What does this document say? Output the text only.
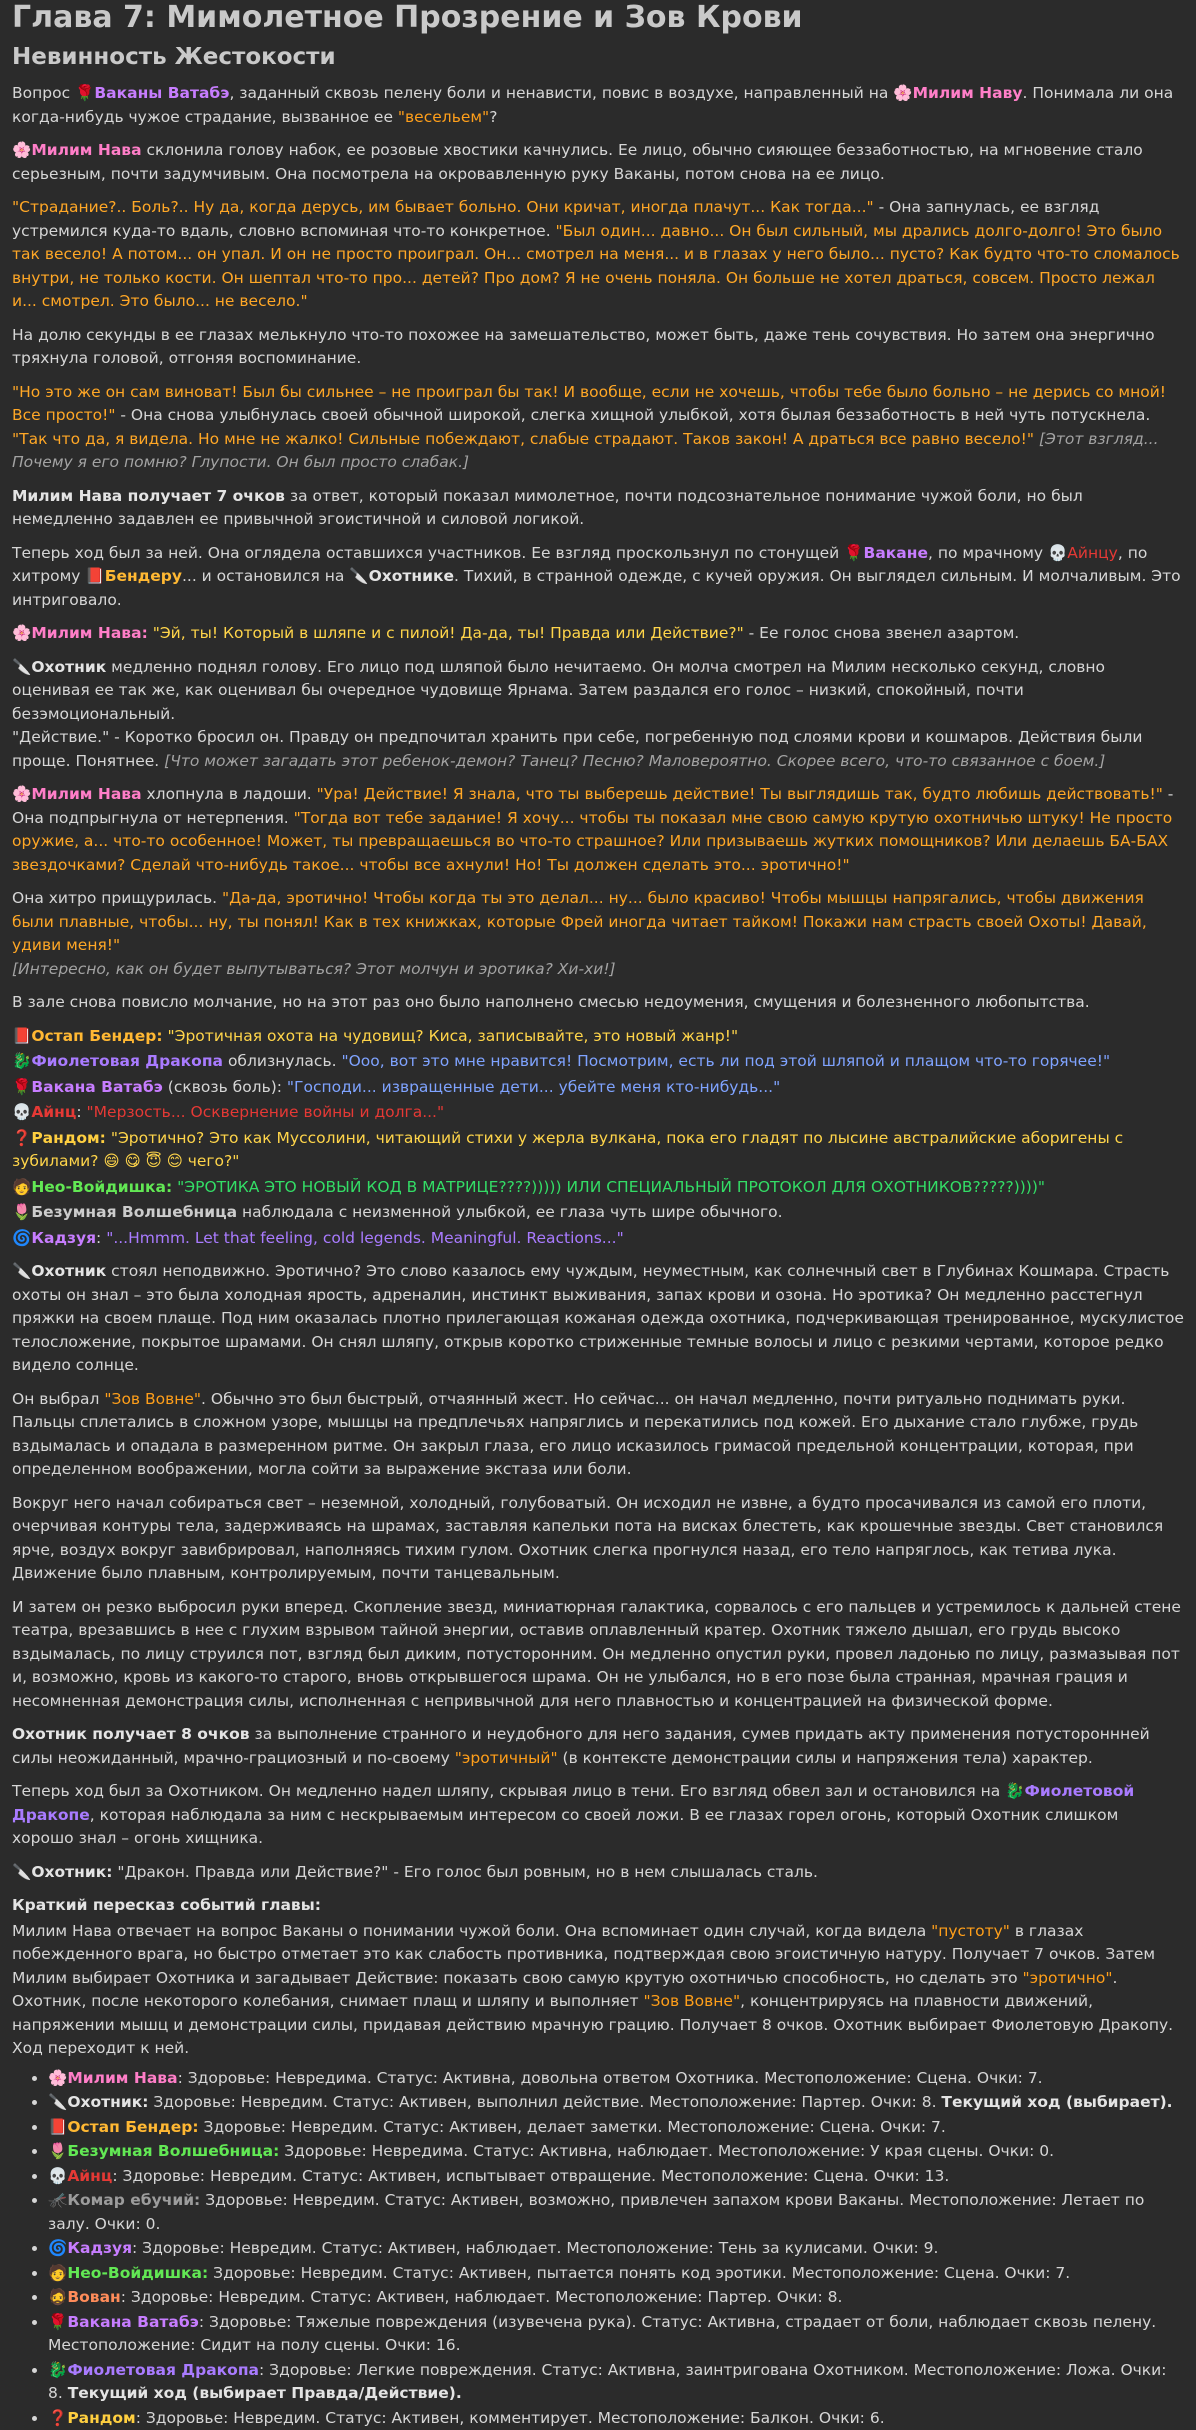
Глава 7: Мимолетное Прозрение и Зов Крови
Невинность Жестокости

Вопрос 🌹Ваканы Ватабэ, заданный сквозь пелену боли и ненависти, повис в воздухе, направленный на 🌸Милим Наву. Понимала ли она когда-нибудь чужое страдание, вызванное ее "весельем"?

🌸Милим Нава склонила голову набок, ее розовые хвостики качнулись. Ее лицо, обычно сияющее беззаботностью, на мгновение стало серьезным, почти задумчивым. Она посмотрела на окровавленную руку Ваканы, потом снова на ее лицо.

"Страдание?.. Боль?.. Ну да, когда дерусь, им бывает больно. Они кричат, иногда плачут... Как тогда..." - Она запнулась, ее взгляд устремился куда-то вдаль, словно вспоминая что-то конкретное. "Был один... давно... Он был сильный, мы дрались долго-долго! Это было так весело! А потом... он упал. И он не просто проиграл. Он... смотрел на меня... и в глазах у него было... пусто? Как будто что-то сломалось внутри, не только кости. Он шептал что-то про... детей? Про дом? Я не очень поняла. Он больше не хотел драться, совсем. Просто лежал и... смотрел. Это было... не весело."

На долю секунды в ее глазах мелькнуло что-то похожее на замешательство, может быть, даже тень сочувствия. Но затем она энергично тряхнула головой, отгоняя воспоминание.

"Но это же он сам виноват! Был бы сильнее – не проиграл бы так! И вообще, если не хочешь, чтобы тебе было больно – не дерись со мной! Все просто!" - Она снова улыбнулась своей обычной широкой, слегка хищной улыбкой, хотя былая беззаботность в ней чуть потускнела. "Так что да, я видела. Но мне не жалко! Сильные побеждают, слабые страдают. Таков закон! А драться все равно весело!" [Этот взгляд... Почему я его помню? Глупости. Он был просто слабак.]

Милим Нава получает 7 очков за ответ, который показал мимолетное, почти подсознательное понимание чужой боли, но был немедленно задавлен ее привычной эгоистичной и силовой логикой.

Теперь ход был за ней. Она оглядела оставшихся участников. Ее взгляд проскользнул по стонущей 🌹Вакане, по мрачному 💀Айнцу, по хитрому 📕Бендеру... и остановился на 🔪Охотнике. Тихий, в странной одежде, с кучей оружия. Он выглядел сильным. И молчаливым. Это интриговало.

🌸Милим Нава: "Эй, ты! Который в шляпе и с пилой! Да-да, ты! Правда или Действие?" - Ее голос снова звенел азартом.

🔪Охотник медленно поднял голову. Его лицо под шляпой было нечитаемо. Он молча смотрел на Милим несколько секунд, словно оценивая ее так же, как оценивал бы очередное чудовище Ярнама. Затем раздался его голос – низкий, спокойный, почти безэмоциональный.
"Действие." - Коротко бросил он. Правду он предпочитал хранить при себе, погребенную под слоями крови и кошмаров. Действия были проще. Понятнее. [Что может загадать этот ребенок-демон? Танец? Песню? Маловероятно. Скорее всего, что-то связанное с боем.]

🌸Милим Нава хлопнула в ладоши. "Ура! Действие! Я знала, что ты выберешь действие! Ты выглядишь так, будто любишь действовать!" - Она подпрыгнула от нетерпения. "Тогда вот тебе задание! Я хочу... чтобы ты показал мне свою самую крутую охотничью штуку! Не просто оружие, а... что-то особенное! Может, ты превращаешься во что-то страшное? Или призываешь жутких помощников? Или делаешь БА-БАХ звездочками? Сделай что-нибудь такое... чтобы все ахнули! Но! Ты должен сделать это... эротично!"

Она хитро прищурилась. "Да-да, эротично! Чтобы когда ты это делал... ну... было красиво! Чтобы мышцы напрягались, чтобы движения были плавные, чтобы... ну, ты понял! Как в тех книжках, которые Фрей иногда читает тайком! Покажи нам страсть своей Охоты! Давай, удиви меня!"
[Интересно, как он будет выпутываться? Этот молчун и эротика? Хи-хи!]

В зале снова повисло молчание, но на этот раз оно было наполнено смесью недоумения, смущения и болезненного любопытства.

📕Остап Бендер: "Эротичная охота на чудовищ? Киса, записывайте, это новый жанр!"
🐉Фиолетовая Дракопа облизнулась. "Ооо, вот это мне нравится! Посмотрим, есть ли под этой шляпой и плащом что-то горячее!"
🌹Вакана Ватабэ (сквозь боль): "Господи... извращенные дети... убейте меня кто-нибудь..."
💀Айнц: "Мерзость... Осквернение войны и долга..."
❓Рандом: "Эротично? Это как Муссолини, читающий стихи у жерла вулкана, пока его гладят по лысине австралийские аборигены с зубилами? 😄 😋 😇 😊 чего?"
🧑Нео-Войдишка: "ЭРОТИКА ЭТО НОВЫЙ КОД В МАТРИЦЕ????))))) ИЛИ СПЕЦИАЛЬНЫЙ ПРОТОКОЛ ДЛЯ ОХОТНИКОВ?????))))"
🌷Безумная Волшебница наблюдала с неизменной улыбкой, ее глаза чуть шире обычного.
🌀Кадзуя: "...Hmmm. Let that feeling, cold legends. Meaningful. Reactions..."

🔪Охотник стоял неподвижно. Эротично? Это слово казалось ему чуждым, неуместным, как солнечный свет в Глубинах Кошмара. Страсть охоты он знал – это была холодная ярость, адреналин, инстинкт выживания, запах крови и озона. Но эротика? Он медленно расстегнул пряжки на своем плаще. Под ним оказалась плотно прилегающая кожаная одежда охотника, подчеркивающая тренированное, мускулистое телосложение, покрытое шрамами. Он снял шляпу, открыв коротко стриженные темные волосы и лицо с резкими чертами, которое редко видело солнце.

Он выбрал "Зов Вовне". Обычно это был быстрый, отчаянный жест. Но сейчас... он начал медленно, почти ритуально поднимать руки. Пальцы сплетались в сложном узоре, мышцы на предплечьях напряглись и перекатились под кожей. Его дыхание стало глубже, грудь вздымалась и опадала в размеренном ритме. Он закрыл глаза, его лицо исказилось гримасой предельной концентрации, которая, при определенном воображении, могла сойти за выражение экстаза или боли.

Вокруг него начал собираться свет – неземной, холодный, голубоватый. Он исходил не извне, а будто просачивался из самой его плоти, очерчивая контуры тела, задерживаясь на шрамах, заставляя капельки пота на висках блестеть, как крошечные звезды. Свет становился ярче, воздух вокруг завибрировал, наполняясь тихим гулом. Охотник слегка прогнулся назад, его тело напряглось, как тетива лука. Движение было плавным, контролируемым, почти танцевальным.

И затем он резко выбросил руки вперед. Скопление звезд, миниатюрная галактика, сорвалось с его пальцев и устремилось к дальней стене театра, врезавшись в нее с глухим взрывом тайной энергии, оставив оплавленный кратер. Охотник тяжело дышал, его грудь высоко вздымалась, по лицу струился пот, взгляд был диким, потусторонним. Он медленно опустил руки, провел ладонью по лицу, размазывая пот и, возможно, кровь из какого-то старого, вновь открывшегося шрама. Он не улыбался, но в его позе была странная, мрачная грация и несомненная демонстрация силы, исполненная с непривычной для него плавностью и концентрацией на физической форме.

Охотник получает 8 очков за выполнение странного и неудобного для него задания, сумев придать акту применения потустороннней силы неожиданный, мрачно-грациозный и по-своему "эротичный" (в контексте демонстрации силы и напряжения тела) характер.

Теперь ход был за Охотником. Он медленно надел шляпу, скрывая лицо в тени. Его взгляд обвел зал и остановился на 🐉Фиолетовой Дракопе, которая наблюдала за ним с нескрываемым интересом со своей ложи. В ее глазах горел огонь, который Охотник слишком хорошо знал – огонь хищника.

🔪Охотник: "Дракон. Правда или Действие?" - Его голос был ровным, но в нем слышалась сталь.

Краткий пересказ событий главы:

Милим Нава отвечает на вопрос Ваканы о понимании чужой боли. Она вспоминает один случай, когда видела "пустоту" в глазах побежденного врага, но быстро отметает это как слабость противника, подтверждая свою эгоистичную натуру. Получает 7 очков. Затем Милим выбирает Охотника и загадывает Действие: показать свою самую крутую охотничью способность, но сделать это "эротично". Охотник, после некоторого колебания, снимает плащ и шляпу и выполняет "Зов Вовне", концентрируясь на плавности движений, напряжении мышц и демонстрации силы, придавая действию мрачную грацию. Получает 8 очков. Охотник выбирает Фиолетовую Дракопу. Ход переходит к ней.

• 🌸Милим Нава: Здоровье: Невредима. Статус: Активна, довольна ответом Охотника. Местоположение: Сцена. Очки: 7.
• 🔪Охотник: Здоровье: Невредим. Статус: Активен, выполнил действие. Местоположение: Партер. Очки: 8. Текущий ход (выбирает).
• 📕Остап Бендер: Здоровье: Невредим. Статус: Активен, делает заметки. Местоположение: Сцена. Очки: 7.
• 🌷Безумная Волшебница: Здоровье: Невредима. Статус: Активна, наблюдает. Местоположение: У края сцены. Очки: 0.
• 💀Айнц: Здоровье: Невредим. Статус: Активен, испытывает отвращение. Местоположение: Сцена. Очки: 13.
• 🦟Комар ебучий: Здоровье: Невредим. Статус: Активен, возможно, привлечен запахом крови Ваканы. Местоположение: Летает по залу. Очки: 0.
• 🌀Кадзуя: Здоровье: Невредим. Статус: Активен, наблюдает. Местоположение: Тень за кулисами. Очки: 9.
• 🧑Нео-Войдишка: Здоровье: Невредим. Статус: Активен, пытается понять код эротики. Местоположение: Сцена. Очки: 7.
• 🧔Вован: Здоровье: Невредим. Статус: Активен, наблюдает. Местоположение: Партер. Очки: 8.
• 🌹Вакана Ватабэ: Здоровье: Тяжелые повреждения (изувечена рука). Статус: Активна, страдает от боли, наблюдает сквозь пелену. Местоположение: Сидит на полу сцены. Очки: 16.
• 🐉Фиолетовая Дракопа: Здоровье: Легкие повреждения. Статус: Активна, заинтригована Охотником. Местоположение: Ложа. Очки: 8. Текущий ход (выбирает Правда/Действие).
• ❓Рандом: Здоровье: Невредим. Статус: Активен, комментирует. Местоположение: Балкон. Очки: 6.
